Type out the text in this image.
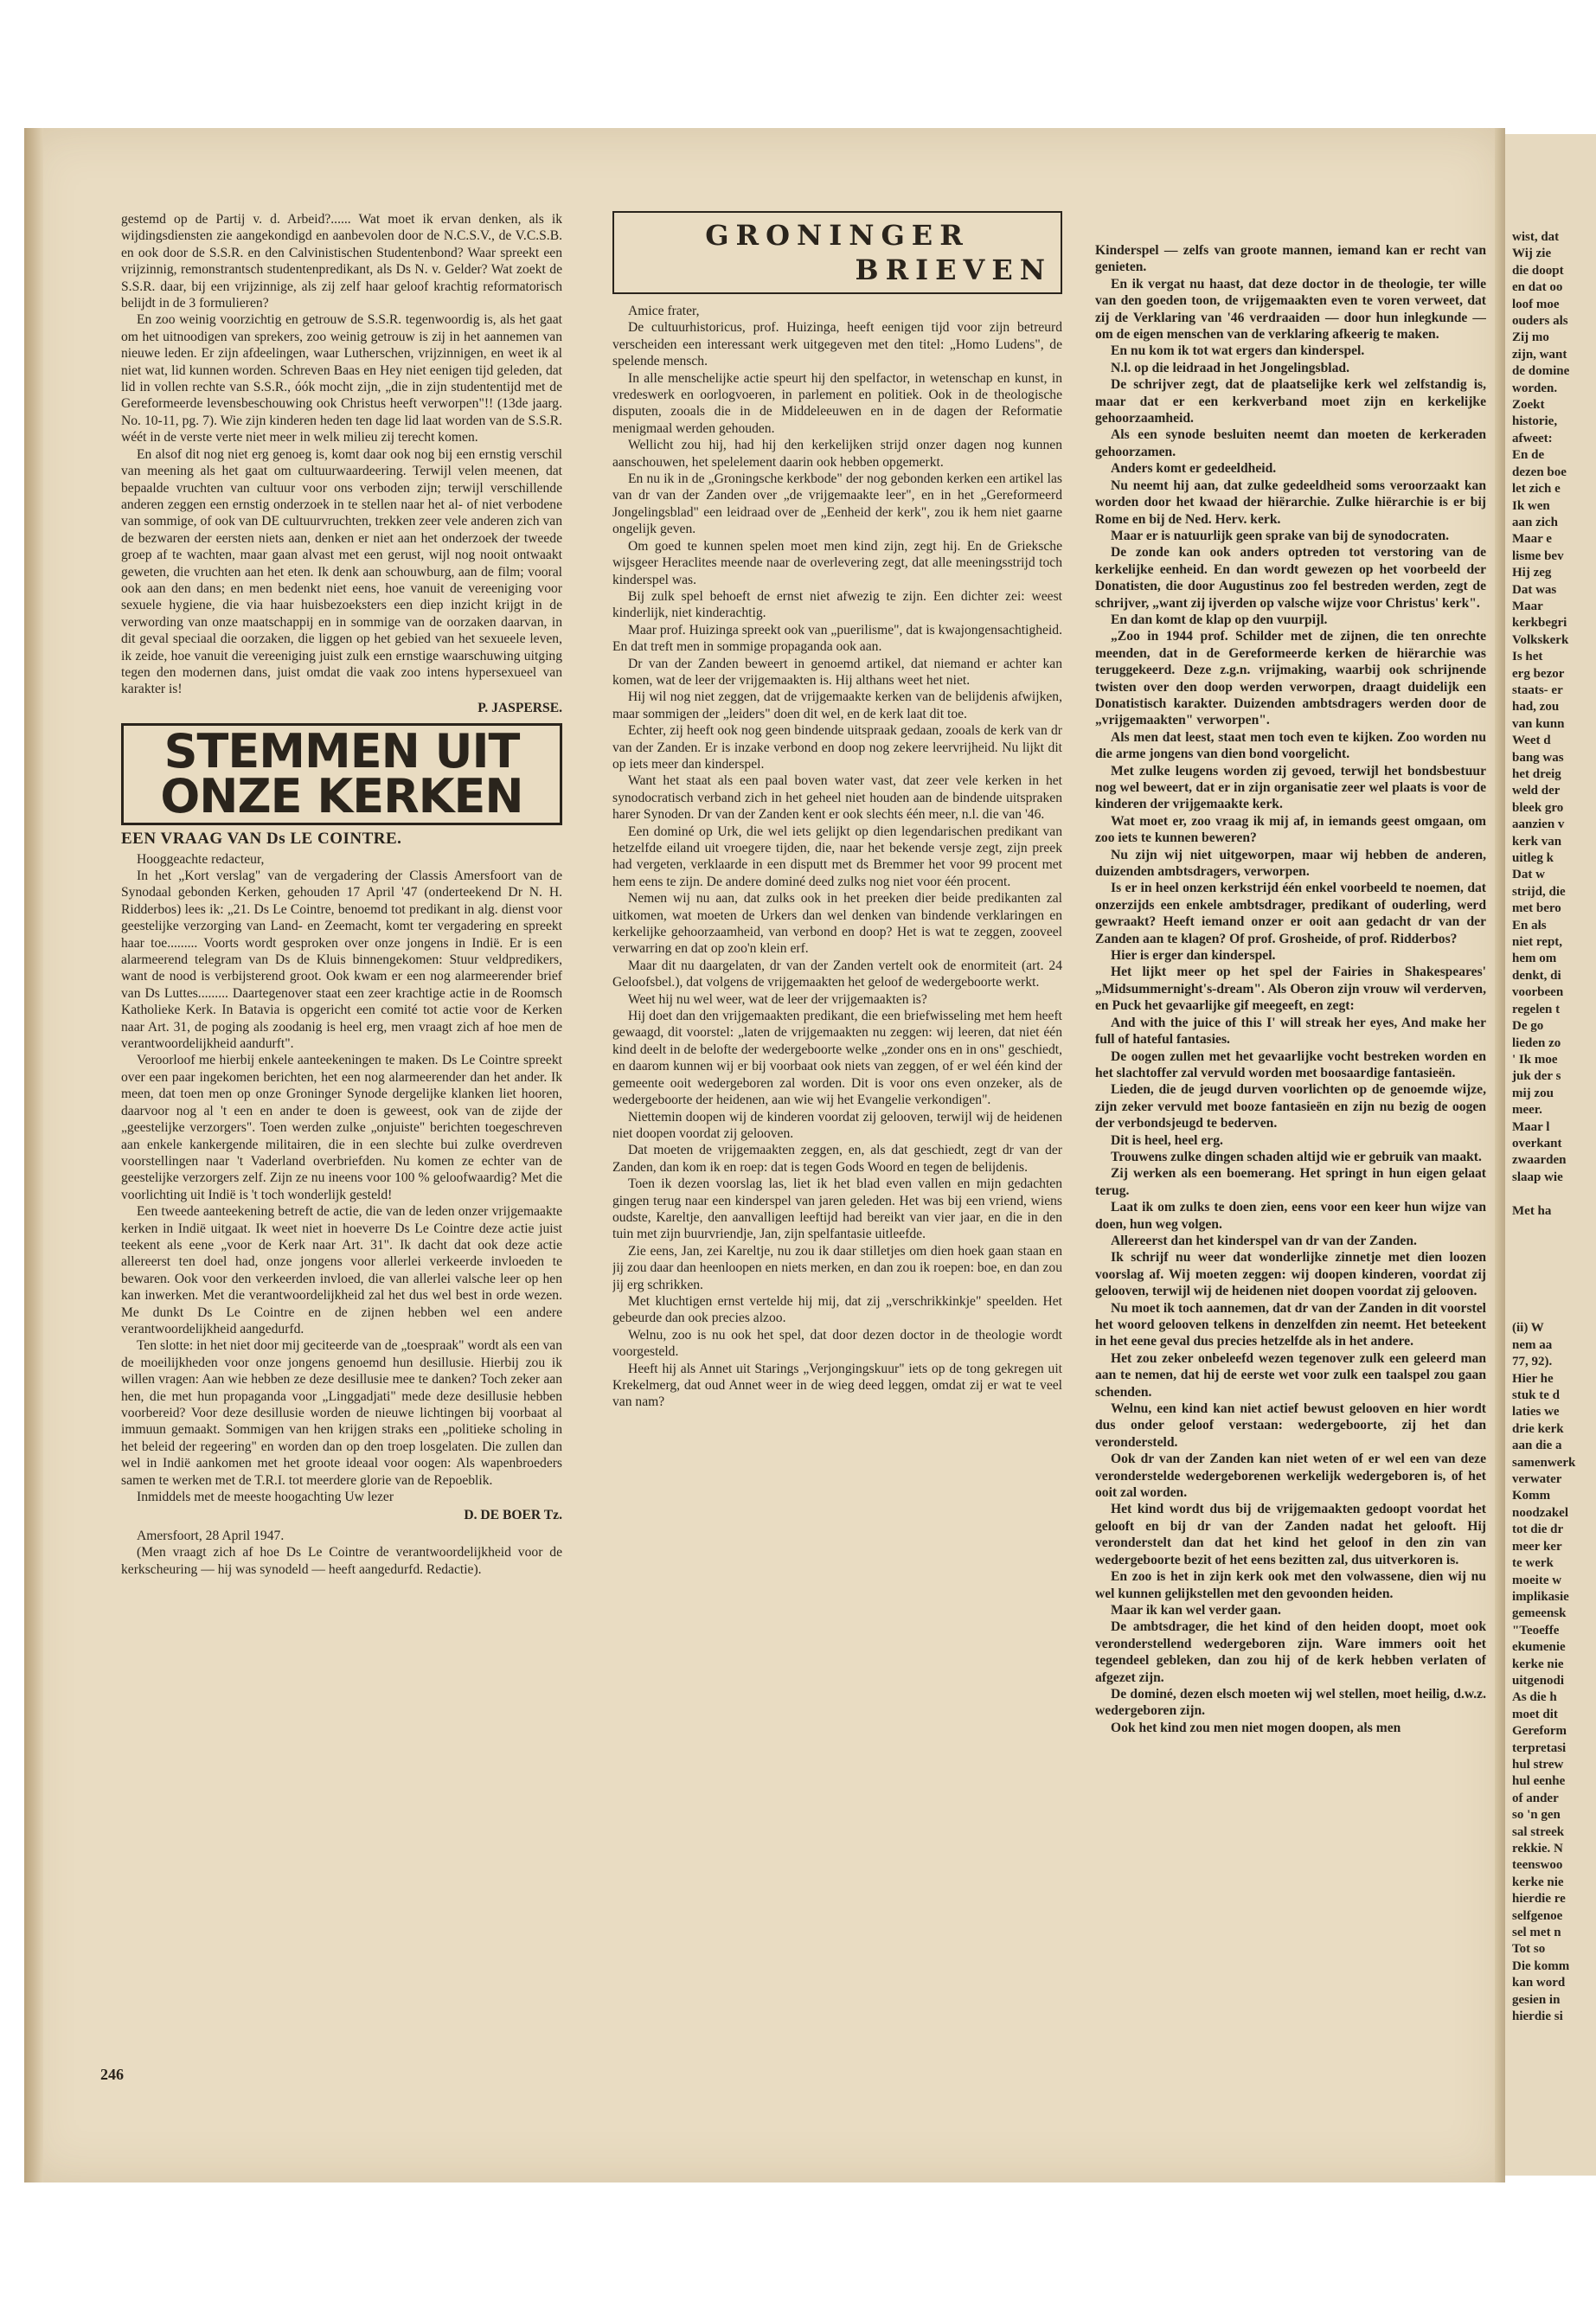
gestemd op de Partij v. d. Arbeid?...... Wat moet ik ervan denken, als ik wijdingsdiensten zie aangekondigd en aanbevolen door de N.C.S.V., de V.C.S.B. en ook door de S.S.R. en den Calvinistischen Studentenbond? Waar spreekt een vrijzinnig, remonstrantsch studentenpredikant, als Ds N. v. Gelder? Wat zoekt de S.S.R. daar, bij een vrijzinnige, als zij zelf haar geloof krachtig reformatorisch belijdt in de 3 formulieren?

En zoo weinig voorzichtig en getrouw de S.S.R. tegenwoordig is, als het gaat om het uitnoodigen van sprekers, zoo weinig getrouw is zij in het aannemen van nieuwe leden. Er zijn afdeelingen, waar Lutherschen, vrijzinnigen, en weet ik al niet wat, lid kunnen worden. Schreven Baas en Hey niet eenigen tijd geleden, dat lid in vollen rechte van S.S.R., óók mocht zijn, „die in zijn studententijd met de Gereformeerde levensbeschouwing ook Christus heeft verworpen"!! (13de jaarg. No. 10-11, pg. 7). Wie zijn kinderen heden ten dage lid laat worden van de S.S.R. wéét in de verste verte niet meer in welk milieu zij terecht komen.

En alsof dit nog niet erg genoeg is, komt daar ook nog bij een ernstig verschil van meening als het gaat om cultuurwaardeering. Terwijl velen meenen, dat bepaalde vruchten van cultuur voor ons verboden zijn; terwijl verschillende anderen zeggen een ernstig onderzoek in te stellen naar het al- of niet verbodene van sommige, of ook van DE cultuurvruchten, trekken zeer vele anderen zich van de bezwaren der eersten niets aan, denken er niet aan het onderzoek der tweede groep af te wachten, maar gaan alvast met een gerust, wijl nog nooit ontwaakt geweten, die vruchten aan het eten. Ik denk aan schouwburg, aan de film; vooral ook aan den dans; en men bedenkt niet eens, hoe vanuit de vereeniging voor sexuele hygiene, die via haar huisbezoeksters een diep inzicht krijgt in de verwording van onze maatschappij en in sommige van de oorzaken daarvan, in dit geval speciaal die oorzaken, die liggen op het gebied van het sexueele leven, ik zeide, hoe vanuit die vereeniging juist zulk een ernstige waarschuwing uitging tegen den modernen dans, juist omdat die vaak zoo intens hypersexueel van karakter is!

P. JASPERSE.
STEMMEN UIT
ONZE KERKEN
EEN VRAAG VAN Ds LE COINTRE.

Hooggeachte redacteur,

In het „Kort verslag" van de vergadering der Classis Amersfoort van de Synodaal gebonden Kerken, gehouden 17 April '47 (onderteekend Dr N. H. Ridderbos) lees ik: „21. Ds Le Cointre, benoemd tot predikant in alg. dienst voor geestelijke verzorging van Land- en Zeemacht, komt ter vergadering en spreekt haar toe......... Voorts wordt gesproken over onze jongens in Indië. Er is een alarmeerend telegram van Ds de Kluis binnengekomen: Stuur veldpredikers, want de nood is verbijsterend groot. Ook kwam er een nog alarmeerender brief van Ds Luttes......... Daartegenover staat een zeer krachtige actie in de Roomsch Katholieke Kerk. In Batavia is opgericht een comité tot actie voor de Kerken naar Art. 31, de poging als zoodanig is heel erg, men vraagt zich af hoe men de verantwoordelijkheid aandurft".

Veroorloof me hierbij enkele aanteekeningen te maken. Ds Le Cointre spreekt over een paar ingekomen berichten, het een nog alarmeerender dan het ander. Ik meen, dat toen men op onze Groninger Synode dergelijke klanken liet hooren, daarvoor nog al 't een en ander te doen is geweest, ook van de zijde der „geestelijke verzorgers". Toen werden zulke „onjuiste" berichten toegeschreven aan enkele kankergende militairen, die in een slechte bui zulke overdreven voorstellingen naar 't Vaderland overbriefden. Nu komen ze echter van de geestelijke verzorgers zelf. Zijn ze nu ineens voor 100 % geloofwaardig? Met die voorlichting uit Indië is 't toch wonderlijk gesteld!

Een tweede aanteekening betreft de actie, die van de leden onzer vrijgemaakte kerken in Indië uitgaat. Ik weet niet in hoeverre Ds Le Cointre deze actie juist teekent als eene „voor de Kerk naar Art. 31". Ik dacht dat ook deze actie allereerst ten doel had, onze jongens voor allerlei verkeerde invloeden te bewaren. Ook voor den verkeerden invloed, die van allerlei valsche leer op hen kan inwerken. Met die verantwoordelijkheid zal het dus wel best in orde wezen. Me dunkt Ds Le Cointre en de zijnen hebben wel een andere verantwoordelijkheid aangedurfd.

Ten slotte: in het niet door mij geciteerde van de „toespraak" wordt als een van de moeilijkheden voor onze jongens genoemd hun desillusie. Hierbij zou ik willen vragen: Aan wie hebben ze deze desillusie mee te danken? Toch zeker aan hen, die met hun propaganda voor „Linggadjati" mede deze desillusie hebben voorbereid? Voor deze desillusie worden de nieuwe lichtingen bij voorbaat al immuun gemaakt. Sommigen van hen krijgen straks een „politieke scholing in het beleid der regeering" en worden dan op den troep losgelaten. Die zullen dan wel in Indië aankomen met het groote ideaal voor oogen: Als wapenbroeders samen te werken met de T.R.I. tot meerdere glorie van de Repoeblik.

Inmiddels met de meeste hoogachting Uw lezer

D. DE BOER Tz.

Amersfoort, 28 April 1947.

(Men vraagt zich af hoe Ds Le Cointre de verantwoordelijkheid voor de kerkscheuring — hij was synodeld — heeft aangedurfd. Redactie).

GRONINGER
BRIEVEN

Amice frater,

De cultuurhistoricus, prof. Huizinga, heeft eenigen tijd voor zijn betreurd verscheiden een interessant werk uitgegeven met den titel: „Homo Ludens", de spelende mensch.

In alle menschelijke actie speurt hij den spelfactor, in wetenschap en kunst, in vredeswerk en oorlogvoeren, in parlement en politiek. Ook in de theologische disputen, zooals die in de Middeleeuwen en in de dagen der Reformatie menigmaal werden gehouden.

Wellicht zou hij, had hij den kerkelijken strijd onzer dagen nog kunnen aanschouwen, het spelelement daarin ook hebben opgemerkt.

En nu ik in de „Groningsche kerkbode" der nog gebonden kerken een artikel las van dr van der Zanden over „de vrijgemaakte leer", en in het „Gereformeerd Jongelingsblad" een leidraad over de „Eenheid der kerk", zou ik hem niet gaarne ongelijk geven.

Om goed te kunnen spelen moet men kind zijn, zegt hij. En de Grieksche wijsgeer Heraclites meende naar de overlevering zegt, dat alle meeningsstrijd toch kinderspel was.

Bij zulk spel behoeft de ernst niet afwezig te zijn. Een dichter zei: weest kinderlijk, niet kinderachtig.

Maar prof. Huizinga spreekt ook van „puerilisme", dat is kwajongensachtigheid. En dat treft men in sommige propaganda ook aan.

Dr van der Zanden beweert in genoemd artikel, dat niemand er achter kan komen, wat de leer der vrijgemaakten is. Hij althans weet het niet.

Hij wil nog niet zeggen, dat de vrijgemaakte kerken van de belijdenis afwijken, maar sommigen der „leiders" doen dit wel, en de kerk laat dit toe.

Echter, zij heeft ook nog geen bindende uitspraak gedaan, zooals de kerk van dr van der Zanden. Er is inzake verbond en doop nog zekere leervrijheid. Nu lijkt dit op iets meer dan kinderspel.

Want het staat als een paal boven water vast, dat zeer vele kerken in het synodocratisch verband zich in het geheel niet houden aan de bindende uitspraken harer Synoden. Dr van der Zanden kent er ook slechts één meer, n.l. die van '46.

Een dominé op Urk, die wel iets gelijkt op dien legendarischen predikant van hetzelfde eiland uit vroegere tijden, die, naar het bekende versje zegt, zijn preek had vergeten, verklaarde in een disputt met ds Bremmer het voor 99 procent met hem eens te zijn. De andere dominé deed zulks nog niet voor één procent.

Nemen wij nu aan, dat zulks ook in het preeken dier beide predikanten zal uitkomen, wat moeten de Urkers dan wel denken van bindende verklaringen en kerkelijke gehoorzaamheid, van verbond en doop? Het is wat te zeggen, zooveel verwarring en dat op zoo'n klein erf.

Maar dit nu daargelaten, dr van der Zanden vertelt ook de enormiteit (art. 24 Geloofsbel.), dat volgens de vrijgemaakten het geloof de wedergeboorte werkt.

Weet hij nu wel weer, wat de leer der vrijgemaakten is?

Hij doet dan den vrijgemaakten predikant, die een briefwisseling met hem heeft gewaagd, dit voorstel: „laten de vrijgemaakten nu zeggen: wij leeren, dat niet één kind deelt in de belofte der wedergeboorte welke „zonder ons en in ons" geschiedt, en daarom kunnen wij er bij voorbaat ook niets van zeggen, of er wel één kind der gemeente ooit wedergeboren zal worden. Dit is voor ons even onzeker, als de wedergeboorte der heidenen, aan wie wij het Evangelie verkondigen".

Niettemin doopen wij de kinderen voordat zij gelooven, terwijl wij de heidenen niet doopen voordat zij gelooven.

Dat moeten de vrijgemaakten zeggen, en, als dat geschiedt, zegt dr van der Zanden, dan kom ik en roep: dat is tegen Gods Woord en tegen de belijdenis.

Toen ik dezen voorslag las, liet ik het blad even vallen en mijn gedachten gingen terug naar een kinderspel van jaren geleden. Het was bij een vriend, wiens oudste, Kareltje, den aanvalligen leeftijd had bereikt van vier jaar, en die in den tuin met zijn buurvriendje, Jan, zijn spelfantasie uitleefde.

Zie eens, Jan, zei Kareltje, nu zou ik daar stilletjes om dien hoek gaan staan en jij zou daar dan heenloopen en niets merken, en dan zou ik roepen: boe, en dan zou jij erg schrikken.

Met kluchtigen ernst vertelde hij mij, dat zij „verschrikkinkje" speelden. Het gebeurde dan ook precies alzoo.

Welnu, zoo is nu ook het spel, dat door dezen doctor in de theologie wordt voorgesteld.

Heeft hij als Annet uit Starings „Verjongingskuur" iets op de tong gekregen uit Krekelmerg, dat oud Annet weer in de wieg deed leggen, omdat zij er wat te veel van nam?

Kinderspel — zelfs van groote mannen, iemand kan er recht van genieten.

En ik vergat nu haast, dat deze doctor in de theologie, ter wille van den goeden toon, de vrijgemaakten even te voren verweet, dat zij de Verklaring van '46 verdraaiden — door hun inlegkunde — om de eigen menschen van de verklaring afkeerig te maken.

En nu kom ik tot wat ergers dan kinderspel.

N.l. op die leidraad in het Jongelingsblad.

De schrijver zegt, dat de plaatselijke kerk wel zelfstandig is, maar dat er een kerkverband moet zijn en kerkelijke gehoorzaamheid.

Als een synode besluiten neemt dan moeten de kerkeraden gehoorzamen.

Anders komt er gedeeldheid.

Nu neemt hij aan, dat zulke gedeeldheid soms veroorzaakt kan worden door het kwaad der hiërarchie. Zulke hiërarchie is er bij Rome en bij de Ned. Herv. kerk.

Maar er is natuurlijk geen sprake van bij de synodocraten.

De zonde kan ook anders optreden tot verstoring van de kerkelijke eenheid. En dan wordt gewezen op het voorbeeld der Donatisten, die door Augustinus zoo fel bestreden werden, zegt de schrijver, „want zij ijverden op valsche wijze voor Christus' kerk".

En dan komt de klap op den vuurpijl.

„Zoo in 1944 prof. Schilder met de zijnen, die ten onrechte meenden, dat in de Gereformeerde kerken de hiërarchie was teruggekeerd. Deze z.g.n. vrijmaking, waarbij ook schrijnende twisten over den doop werden verworpen, draagt duidelijk een Donatistisch karakter. Duizenden ambtsdragers werden door de „vrijgemaakten" verworpen".

Als men dat leest, staat men toch even te kijken. Zoo worden nu die arme jongens van dien bond voorgelicht.

Met zulke leugens worden zij gevoed, terwijl het bondsbestuur nog wel beweert, dat er in zijn organisatie zeer wel plaats is voor de kinderen der vrijgemaakte kerk.

Wat moet er, zoo vraag ik mij af, in iemands geest omgaan, om zoo iets te kunnen beweren?

Nu zijn wij niet uitgeworpen, maar wij hebben de anderen, duizenden ambtsdragers, verworpen.

Is er in heel onzen kerkstrijd één enkel voorbeeld te noemen, dat onzerzijds een enkele ambtsdrager, predikant of ouderling, werd gewraakt? Heeft iemand onzer er ooit aan gedacht dr van der Zanden aan te klagen? Of prof. Grosheide, of prof. Ridderbos?

Hier is erger dan kinderspel.

Het lijkt meer op het spel der Fairies in Shakespeares' „Midsummernight's-dream". Als Oberon zijn vrouw wil verderven, en Puck het gevaarlijke gif meegeeft, en zegt:

And with the juice of this I' will streak her eyes, And make her full of hateful fantasies.

De oogen zullen met het gevaarlijke vocht bestreken worden en het slachtoffer zal vervuld worden met boosaardige fantasieën.

Lieden, die de jeugd durven voorlichten op de genoemde wijze, zijn zeker vervuld met booze fantasieën en zijn nu bezig de oogen der verbondsjeugd te bederven.

Dit is heel, heel erg.

Trouwens zulke dingen schaden altijd wie er gebruik van maakt.

Zij werken als een boemerang. Het springt in hun eigen gelaat terug.

Laat ik om zulks te doen zien, eens voor een keer hun wijze van doen, hun weg volgen.

Allereerst dan het kinderspel van dr van der Zanden.

Ik schrijf nu weer dat wonderlijke zinnetje met dien loozen voorslag af. Wij moeten zeggen: wij doopen kinderen, voordat zij gelooven, terwijl wij de heidenen niet doopen voordat zij gelooven.

Nu moet ik toch aannemen, dat dr van der Zanden in dit voorstel het woord gelooven telkens in denzelfden zin neemt. Het beteekent in het eene geval dus precies hetzelfde als in het andere.

Het zou zeker onbeleefd wezen tegenover zulk een geleerd man aan te nemen, dat hij de eerste wet voor zulk een taalspel zou gaan schenden.

Welnu, een kind kan niet actief bewust gelooven en hier wordt dus onder geloof verstaan: wedergeboorte, zij het dan verondersteld.

Ook dr van der Zanden kan niet weten of er wel een van deze veronderstelde wedergeborenen werkelijk wedergeboren is, of het ooit zal worden.

Het kind wordt dus bij de vrijgemaakten gedoopt voordat het gelooft en bij dr van der Zanden nadat het gelooft. Hij veronderstelt dan dat het kind het geloof in den zin van wedergeboorte bezit of het eens bezitten zal, dus uitverkoren is.

En zoo is het in zijn kerk ook met den volwassene, dien wij nu wel kunnen gelijkstellen met den gevoonden heiden.

Maar ik kan wel verder gaan.

De ambtsdrager, die het kind of den heiden doopt, moet ook veronderstellend wedergeboren zijn. Ware immers ooit het tegendeel gebleken, dan zou hij of de kerk hebben verlaten of afgezet zijn.

De dominé, dezen elsch moeten wij wel stellen, moet heilig, d.w.z. wedergeboren zijn.

Ook het kind zou men niet mogen doopen, als men

246
wist, dat
Wij zie
die doopt
en dat oo
loof moe
ouders als
Zij mo
zijn, want
de domine
worden.
Zoekt
historie,
afweet:
En de
dezen boe
let zich e
Ik wen
aan zich
Maar e
lisme bev
Hij zeg
Dat was
Maar
kerkbegri
Volkskerk
Is het
erg bezor
staats- er
had, zou
van kunn
Weet d
bang was
het dreig
weld der
bleek gro
aanzien v
kerk van
uitleg k
Dat w
strijd, die
met bero
En als
niet rept,
hem om
denkt, di
voorbeen
regelen t
De go
lieden zo
' Ik moe
juk der s
mij zou
meer.
Maar l
overkant
zwaarden
slaap wie

Met ha

(ii) W
nem aa
77, 92).
Hier he
stuk te d
laties we
drie kerk
aan die a
samenwerk
verwater
Komm
noodzakel
tot die dr
meer ker
te werk
moeite w
implikasie
gemeensk
"Teoeffe
ekumenie
kerke nie
uitgenodi
As die h
moet dit
Gereform
terpretasi
hul strew
hul eenhe
of ander
so 'n gen
sal streek
rekkie. N
teenswoo
kerke nie
hierdie re
selfgenoe
sel met n
Tot so
Die komm
kan word
gesien in
hierdie si
